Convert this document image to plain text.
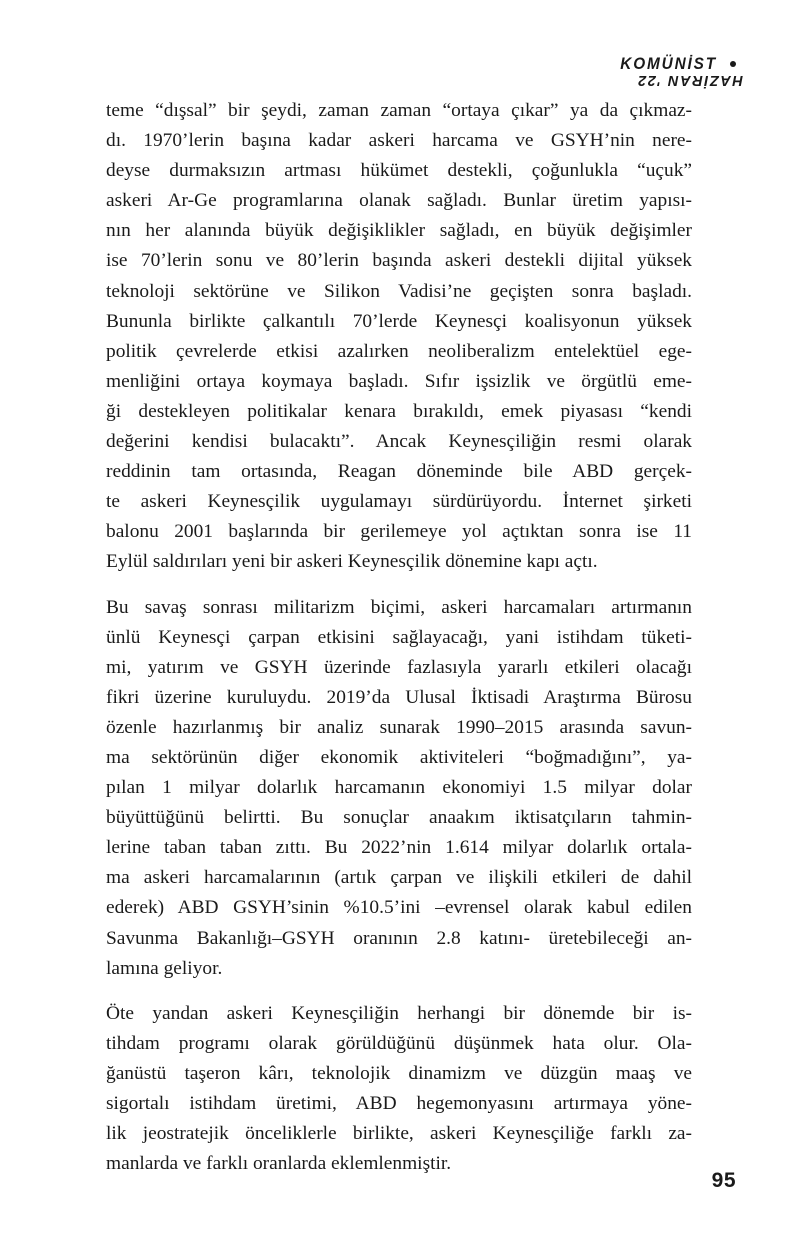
KOMÜNİST
HAZİRAN '22

teme “dışsal” bir şeydi, zaman zaman “ortaya çıkar” ya da çıkmaz-
dı. 1970’lerin başına kadar askeri harcama ve GSYH’nin nere-
deyse durmaksızın artması hükümet destekli, çoğunlukla “uçuk”
askeri Ar-Ge programlarına olanak sağladı. Bunlar üretim yapısı-
nın her alanında büyük değişiklikler sağladı, en büyük değişimler
ise 70’lerin sonu ve 80’lerin başında askeri destekli dijital yüksek
teknoloji sektörüne ve Silikon Vadisi’ne geçişten sonra başladı.
Bununla birlikte çalkantılı 70’lerde Keynesçi koalisyonun yüksek
politik çevrelerde etkisi azalırken neoliberalizm entelektüel ege-
menliğini ortaya koymaya başladı. Sıfır işsizlik ve örgütlü eme-
ği destekleyen politikalar kenara bırakıldı, emek piyasası “kendi
değerini kendisi bulacaktı”. Ancak Keynesçiliğin resmi olarak
reddinin tam ortasında, Reagan döneminde bile ABD gerçek-
te askeri Keynesçilik uygulamayı sürdürüyordu. İnternet şirketi
balonu 2001 başlarında bir gerilemeye yol açtıktan sonra ise 11
Eylül saldırıları yeni bir askeri Keynesçilik dönemine kapı açtı.

Bu savaş sonrası militarizm biçimi, askeri harcamaları artırmanın
ünlü Keynesçi çarpan etkisini sağlayacağı, yani istihdam tüketi-
mi, yatırım ve GSYH üzerinde fazlasıyla yararlı etkileri olacağı
fikri üzerine kuruluydu. 2019’da Ulusal İktisadi Araştırma Bürosu
özenle hazırlanmış bir analiz sunarak 1990–2015 arasında savun-
ma sektörünün diğer ekonomik aktiviteleri “boğmadığını”, ya-
pılan 1 milyar dolarlık harcamanın ekonomiyi 1.5 milyar dolar
büyüttüğünü belirtti. Bu sonuçlar anaakım iktisatçıların tahmin-
lerine taban taban zıttı. Bu 2022’nin 1.614 milyar dolarlık ortala-
ma askeri harcamalarının (artık çarpan ve ilişkili etkileri de dahil
ederek) ABD GSYH’sinin %10.5’ini –evrensel olarak kabul edilen
Savunma Bakanlığı–GSYH oranının 2.8 katını- üretebileceği an-
lamına geliyor.

Öte yandan askeri Keynesçiliğin herhangi bir dönemde bir is-
tihdam programı olarak görüldüğünü düşünmek hata olur. Ola-
ğanüstü taşeron kârı, teknolojik dinamizm ve düzgün maaş ve
sigortalı istihdam üretimi, ABD hegemonyasını artırmaya yöne-
lik jeostratejik önceliklerle birlikte, askeri Keynesçiliğe farklı za-
manlarda ve farklı oranlarda eklemlenmiştir.

95
